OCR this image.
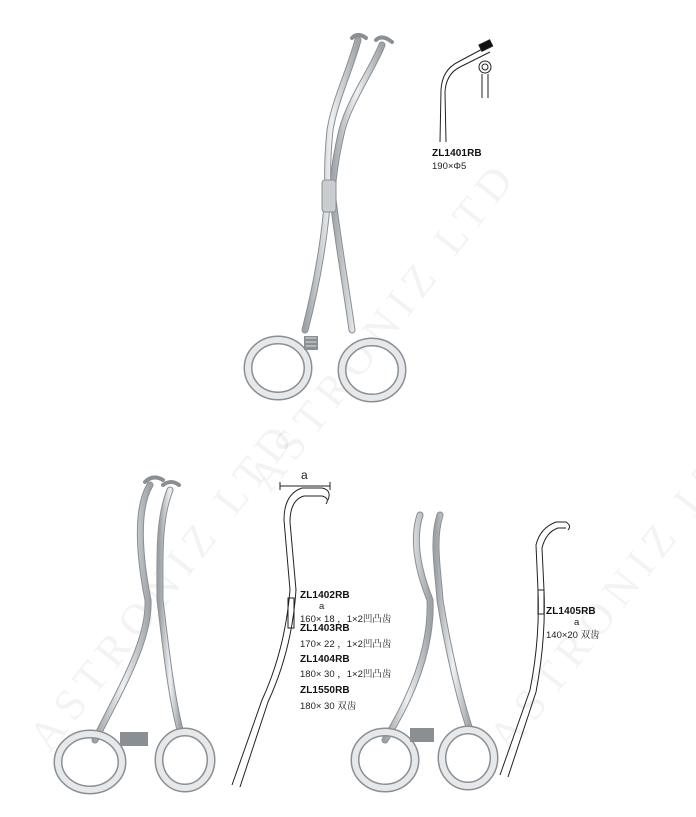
ZL1401RB
190×Φ5
a
ZL1402RB
a
160× 18 ，1×2凹凸齿
ZL1403RB
170× 22 ，1×2凹凸齿
ZL1404RB
180× 30 ，1×2凹凸齿
ZL1550RB
180× 30 双齿
ZL1405RB
a
140×20 双齿
